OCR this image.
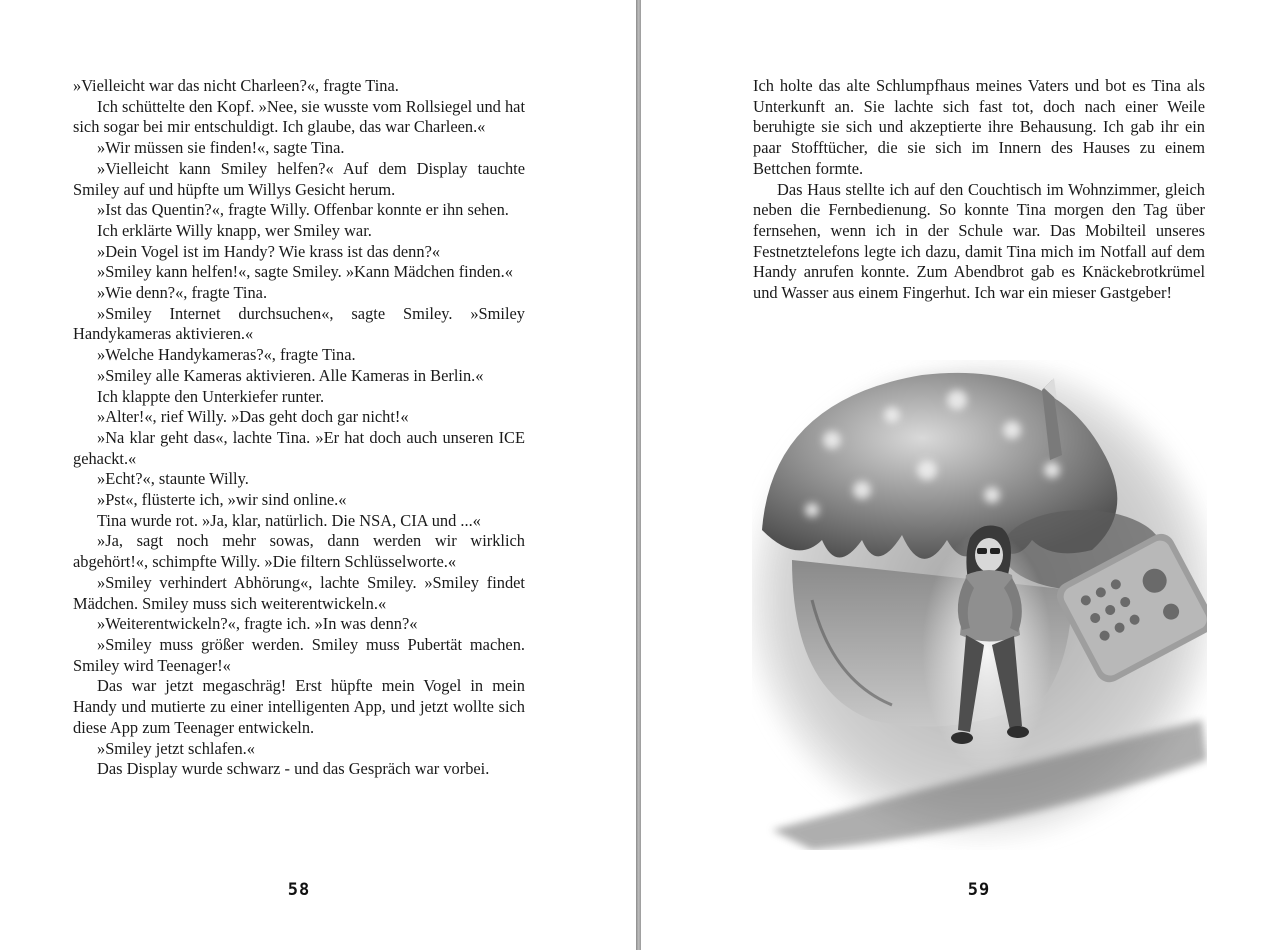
»Vielleicht war das nicht Charleen?«, fragte Tina.

Ich schüttelte den Kopf. »Nee, sie wusste vom Rollsiegel und hat sich sogar bei mir entschuldigt. Ich glaube, das war Charleen.«

»Wir müssen sie finden!«, sagte Tina.

»Vielleicht kann Smiley helfen?« Auf dem Display tauchte Smiley auf und hüpfte um Willys Gesicht herum.

»Ist das Quentin?«, fragte Willy. Offenbar konnte er ihn sehen.

Ich erklärte Willy knapp, wer Smiley war.

»Dein Vogel ist im Handy? Wie krass ist das denn?«

»Smiley kann helfen!«, sagte Smiley. »Kann Mädchen finden.«

»Wie denn?«, fragte Tina.

»Smiley Internet durchsuchen«, sagte Smiley. »Smiley Handykameras aktivieren.«

»Welche Handykameras?«, fragte Tina.

»Smiley alle Kameras aktivieren. Alle Kameras in Berlin.«

Ich klappte den Unterkiefer runter.

»Alter!«, rief Willy. »Das geht doch gar nicht!«

»Na klar geht das«, lachte Tina. »Er hat doch auch unseren ICE gehackt.«

»Echt?«, staunte Willy.

»Pst«, flüsterte ich, »wir sind online.«

Tina wurde rot. »Ja, klar, natürlich. Die NSA, CIA und ...«

»Ja, sagt noch mehr sowas, dann werden wir wirklich abgehört!«, schimpfte Willy. »Die filtern Schlüsselworte.«

»Smiley verhindert Abhörung«, lachte Smiley. »Smiley findet Mädchen. Smiley muss sich weiterentwickeln.«

»Weiterentwickeln?«, fragte ich. »In was denn?«

»Smiley muss größer werden. Smiley muss Pubertät machen. Smiley wird Teenager!«

Das war jetzt megaschräg! Erst hüpfte mein Vogel in mein Handy und mutierte zu einer intelligenten App, und jetzt wollte sich diese App zum Teenager entwickeln.

»Smiley jetzt schlafen.«

Das Display wurde schwarz - und das Gespräch war vorbei.

58

Ich holte das alte Schlumpfhaus meines Vaters und bot es Tina als Unterkunft an. Sie lachte sich fast tot, doch nach einer Weile beruhigte sie sich und akzeptierte ihre Behausung. Ich gab ihr ein paar Stofftücher, die sie sich im Innern des Hauses zu einem Bettchen formte.

Das Haus stellte ich auf den Couchtisch im Wohnzimmer, gleich neben die Fernbedienung. So konnte Tina morgen den Tag über fernsehen, wenn ich in der Schule war. Das Mobilteil unseres Festnetztelefons legte ich dazu, damit Tina mich im Notfall auf dem Handy anrufen konnte. Zum Abendbrot gab es Knäckebrotkrümel und Wasser aus einem Fingerhut. Ich war ein mieser Gastgeber!

59
